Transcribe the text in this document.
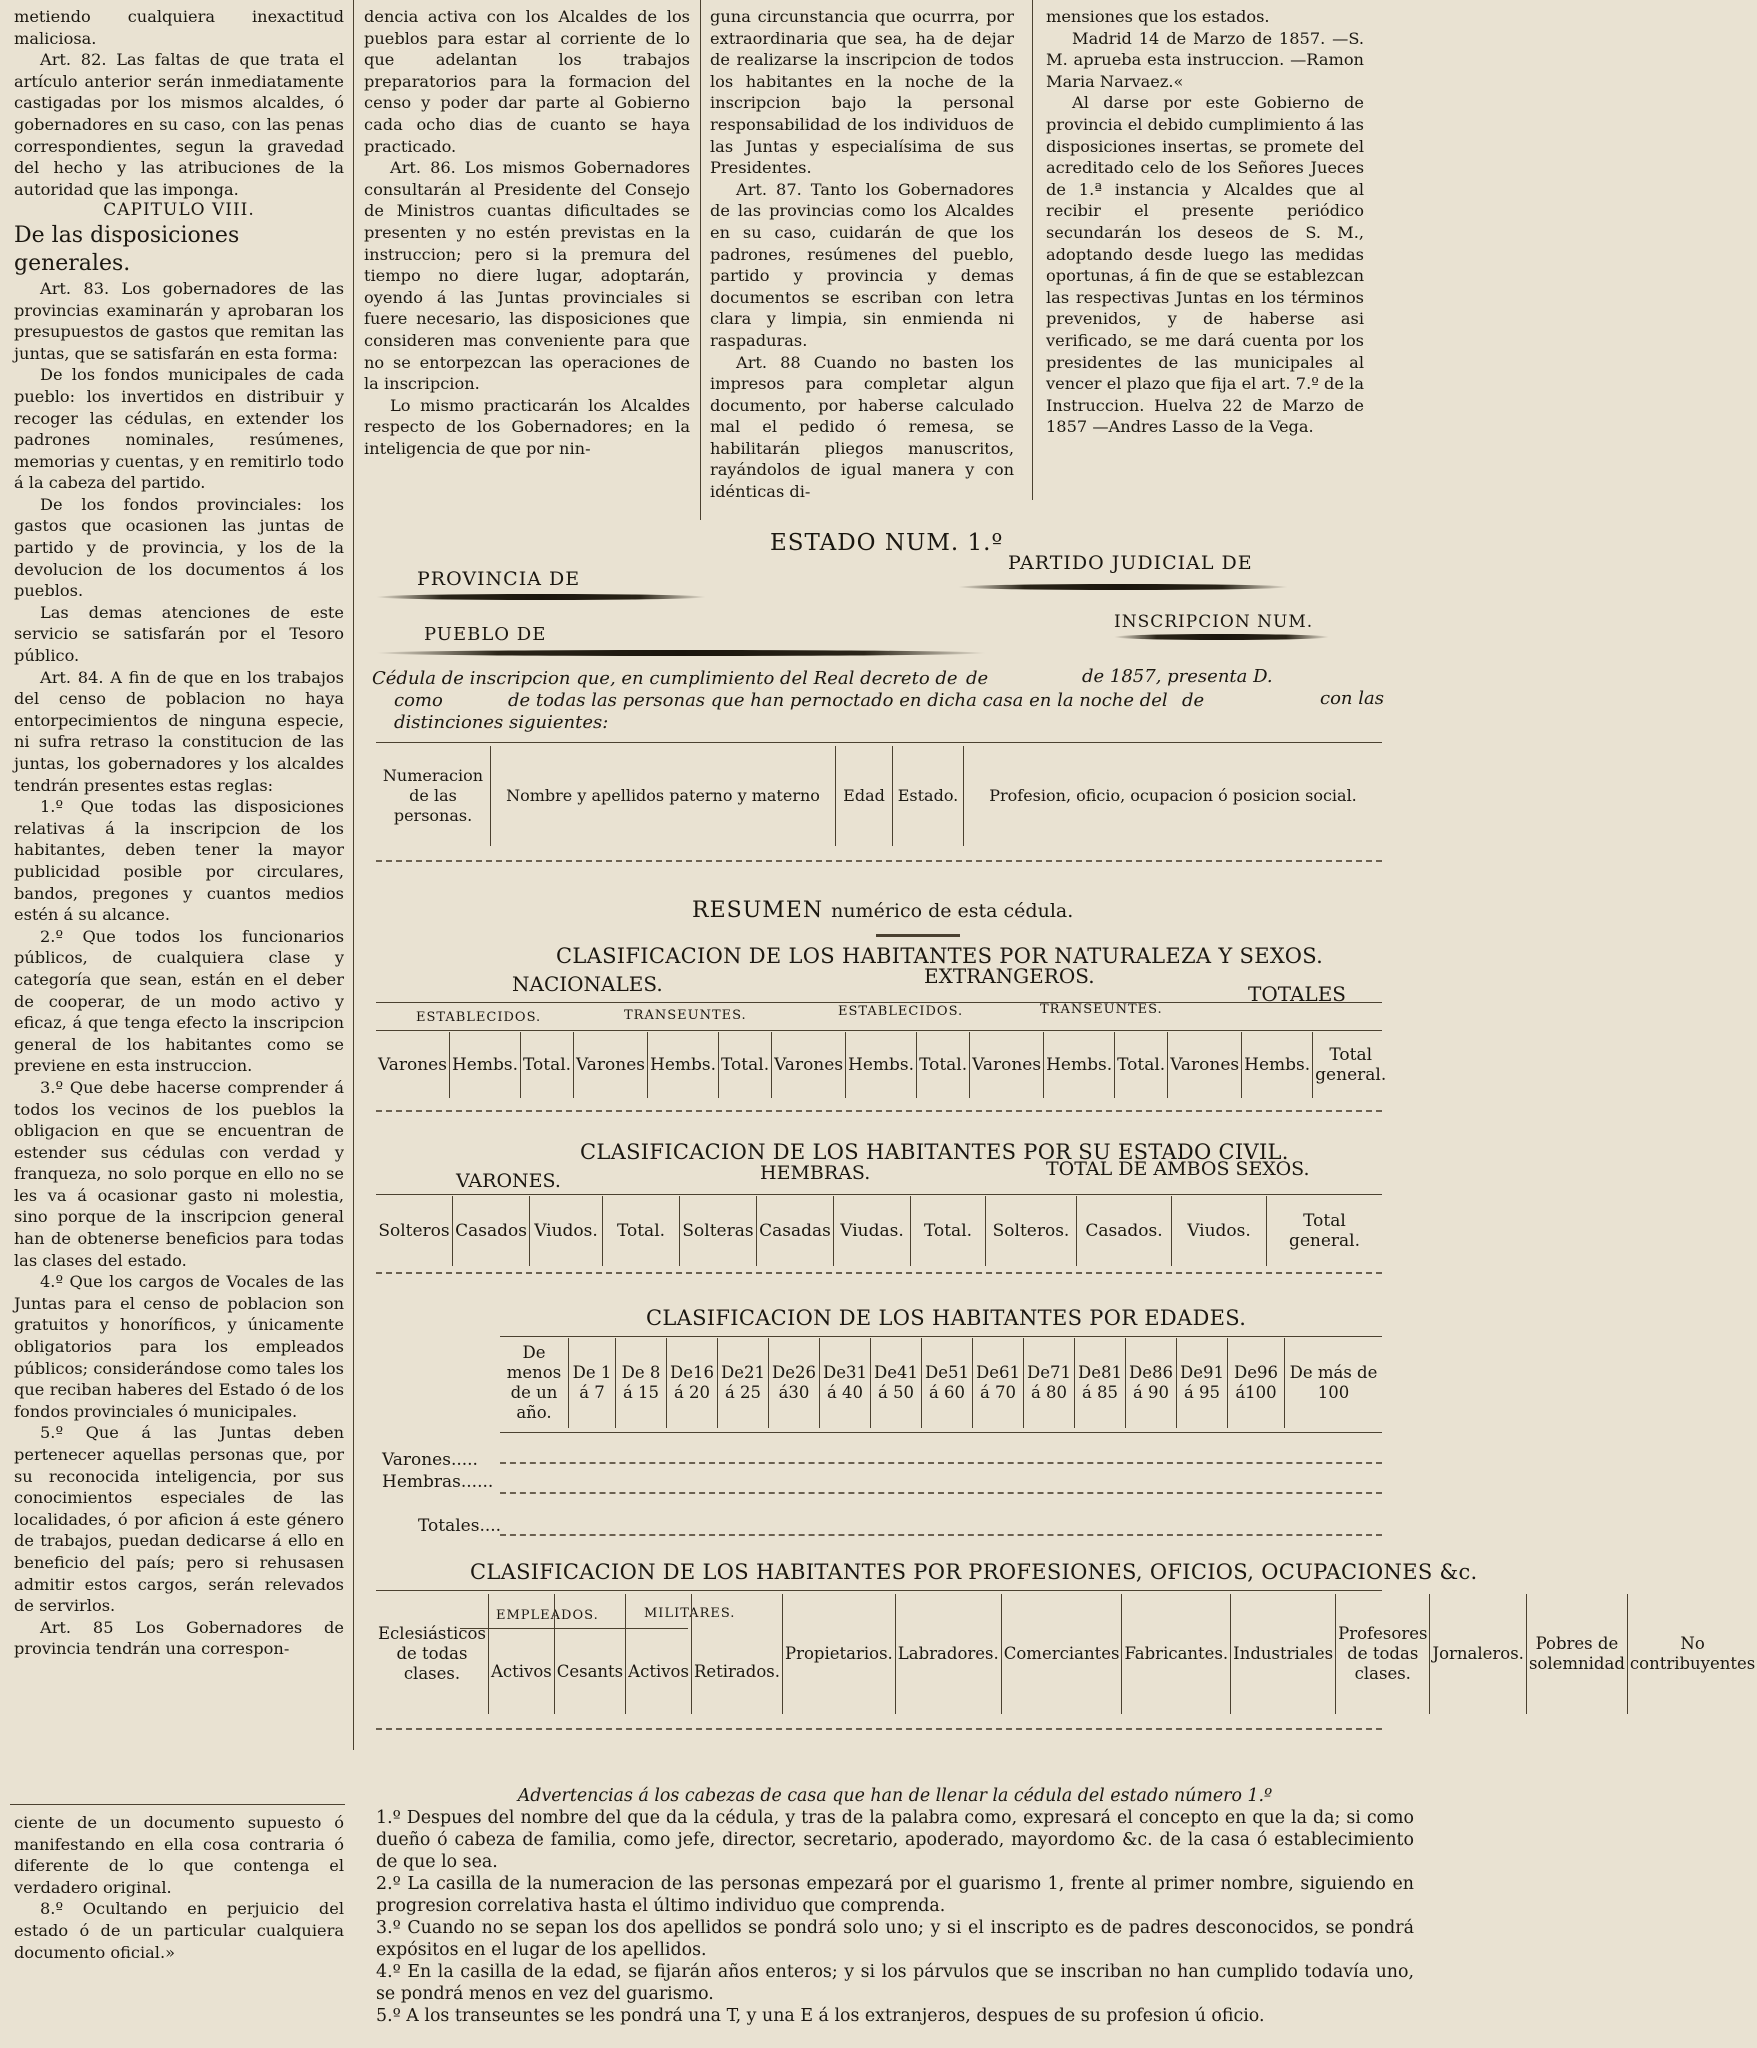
metiendo cualquiera inexactitud maliciosa.

Art. 82. Las faltas de que trata el artículo anterior serán inmediatamente castigadas por los mismos alcaldes, ó gobernadores en su caso, con las penas correspondientes, segun la gravedad del hecho y las atribuciones de la autoridad que las imponga.

CAPITULO VIII.
De las disposiciones generales.

Art. 83. Los gobernadores de las provincias examinarán y aprobaran los presupuestos de gastos que remitan las juntas, que se satisfarán en esta forma:

De los fondos municipales de cada pueblo: los invertidos en distribuir y recoger las cédulas, en extender los padrones nominales, resúmenes, memorias y cuentas, y en remitirlo todo á la cabeza del partido.

De los fondos provinciales: los gastos que ocasionen las juntas de partido y de provincia, y los de la devolucion de los documentos á los pueblos.

Las demas atenciones de este servicio se satisfarán por el Tesoro público.

Art. 84. A fin de que en los trabajos del censo de poblacion no haya entorpecimientos de ninguna especie, ni sufra retraso la constitucion de las juntas, los gobernadores y los alcaldes tendrán presentes estas reglas:

1.º Que todas las disposiciones relativas á la inscripcion de los habitantes, deben tener la mayor publicidad posible por circulares, bandos, pregones y cuantos medios estén á su alcance.

2.º Que todos los funcionarios públicos, de cualquiera clase y categoría que sean, están en el deber de cooperar, de un modo activo y eficaz, á que tenga efecto la inscripcion general de los habitantes como se previene en esta instruccion.

3.º Que debe hacerse comprender á todos los vecinos de los pueblos la obligacion en que se encuentran de estender sus cédulas con verdad y franqueza, no solo porque en ello no se les va á ocasionar gasto ni molestia, sino porque de la inscripcion general han de obtenerse beneficios para todas las clases del estado.

4.º Que los cargos de Vocales de las Juntas para el censo de poblacion son gratuitos y honoríficos, y únicamente obligatorios para los empleados públicos; considerándose como tales los que reciban haberes del Estado ó de los fondos provinciales ó municipales.

5.º Que á las Juntas deben pertenecer aquellas personas que, por su reconocida inteligencia, por sus conocimientos especiales de las localidades, ó por aficion á este género de trabajos, puedan dedicarse á ello en beneficio del país; pero si rehusasen admitir estos cargos, serán relevados de servirlos.

Art. 85 Los Gobernadores de provincia tendrán una correspon-

ciente de un documento supuesto ó manifestando en ella cosa contraria ó diferente de lo que contenga el verdadero original.

8.º Ocultando en perjuicio del estado ó de un particular cualquiera documento oficial.»

dencia activa con los Alcaldes de los pueblos para estar al corriente de lo que adelantan los trabajos preparatorios para la formacion del censo y poder dar parte al Gobierno cada ocho dias de cuanto se haya practicado.

Art. 86. Los mismos Gobernadores consultarán al Presidente del Consejo de Ministros cuantas dificultades se presenten y no estén previstas en la instruccion; pero si la premura del tiempo no diere lugar, adoptarán, oyendo á las Juntas provinciales si fuere necesario, las disposiciones que consideren mas conveniente para que no se entorpezcan las operaciones de la inscripcion.

Lo mismo practicarán los Alcaldes respecto de los Gobernadores; en la inteligencia de que por nin-

guna circunstancia que ocurrra, por extraordinaria que sea, ha de dejar de realizarse la inscripcion de todos los habitantes en la noche de la inscripcion bajo la personal responsabilidad de los individuos de las Juntas y especialísima de sus Presidentes.

Art. 87. Tanto los Gobernadores de las provincias como los Alcaldes en su caso, cuidarán de que los padrones, resúmenes del pueblo, partido y provincia y demas documentos se escriban con letra clara y limpia, sin enmienda ni raspaduras.

Art. 88 Cuando no basten los impresos para completar algun documento, por haberse calculado mal el pedido ó remesa, se habilitarán pliegos manuscritos, rayándolos de igual manera y con idénticas di-

mensiones que los estados.

Madrid 14 de Marzo de 1857. —S. M. aprueba esta instruccion. —Ramon Maria Narvaez.«

Al darse por este Gobierno de provincia el debido cumplimiento á las disposiciones insertas, se promete del acreditado celo de los Señores Jueces de 1.ª instancia y Alcaldes que al recibir el presente periódico secundarán los deseos de S. M., adoptando desde luego las medidas oportunas, á fin de que se establezcan las respectivas Juntas en los términos prevenidos, y de haberse asi verificado, se me dará cuenta por los presidentes de las municipales al vencer el plazo que fija el art. 7.º de la Instruccion. Huelva 22 de Marzo de 1857 —Andres Lasso de la Vega.

ESTADO NUM. 1.º
PROVINCIA DE
PARTIDO JUDICIAL DE
PUEBLO DE
INSCRIPCION NUM.
Cédula de inscripcion que, en cumplimiento del Real decreto de de	de 1857, presenta D.
como	de todas las personas que han pernoctado en dicha casa en la noche del de	con las
distinciones siguientes:
Numeracion de las personas.	Nombre y apellidos paterno y materno	Edad	Estado.	Profesion, oficio, ocupacion ó posicion social.
RESUMEN numérico de esta cédula.
CLASIFICACION DE LOS HABITANTES POR NATURALEZA Y SEXOS.
NACIONALES.	EXTRANGEROS.
TOTALES
ESTABLECIDOS.	TRANSEUNTES.	ESTABLECIDOS.	TRANSEUNTES.
Varones	Hembs.	Total.	Varones	Hembs.	Total.	Varones	Hembs.	Total.	Varones	Hembs.	Total.	Varones	Hembs.	Total general.
CLASIFICACION DE LOS HABITANTES POR SU ESTADO CIVIL.
VARONES.	HEMBRAS.	TOTAL DE AMBOS SEXOS.
Solteros	Casados	Viudos.	Total.	Solteras	Casadas	Viudas.	Total.	Solteros.	Casados.	Viudos.	Total general.
CLASIFICACION DE LOS HABITANTES POR EDADES.
De menos de un año.	De 1 á 7	De 8 á 15	De16 á 20	De21 á 25	De26 á30	De31 á 40	De41 á 50	De51 á 60	De61 á 70	De71 á 80	De81 á 85	De86 á 90	De91 á 95	De96 á100	De más de 100
Varones.....
Hembras......
Totales....
CLASIFICACION DE LOS HABITANTES POR PROFESIONES, OFICIOS, OCUPACIONES &c.
EMPLEADOS.	MILITARES.
Eclesiásticos de todas clases.	Activos	Cesants	Activos	Retirados.	Propietarios.	Labradores.	Comerciantes	Fabricantes.	Industriales	Profesores de todas clases.	Jornaleros.	Pobres de solemnidad	No contribuyentes

Advertencias á los cabezas de casa que han de llenar la cédula del estado número 1.º

1.º Despues del nombre del que da la cédula, y tras de la palabra como, expresará el concepto en que la da; si como dueño ó cabeza de familia, como jefe, director, secretario, apoderado, mayordomo &c. de la casa ó establecimiento de que lo sea.

2.º La casilla de la numeracion de las personas empezará por el guarismo 1, frente al primer nombre, siguiendo en progresion correlativa hasta el último individuo que comprenda.

3.º Cuando no se sepan los dos apellidos se pondrá solo uno; y si el inscripto es de padres desconocidos, se pondrá expósitos en el lugar de los apellidos.

4.º En la casilla de la edad, se fijarán años enteros; y si los párvulos que se inscriban no han cumplido todavía uno, se pondrá menos en vez del guarismo.

5.º A los transeuntes se les pondrá una T, y una E á los extranjeros, despues de su profesion ú oficio.
